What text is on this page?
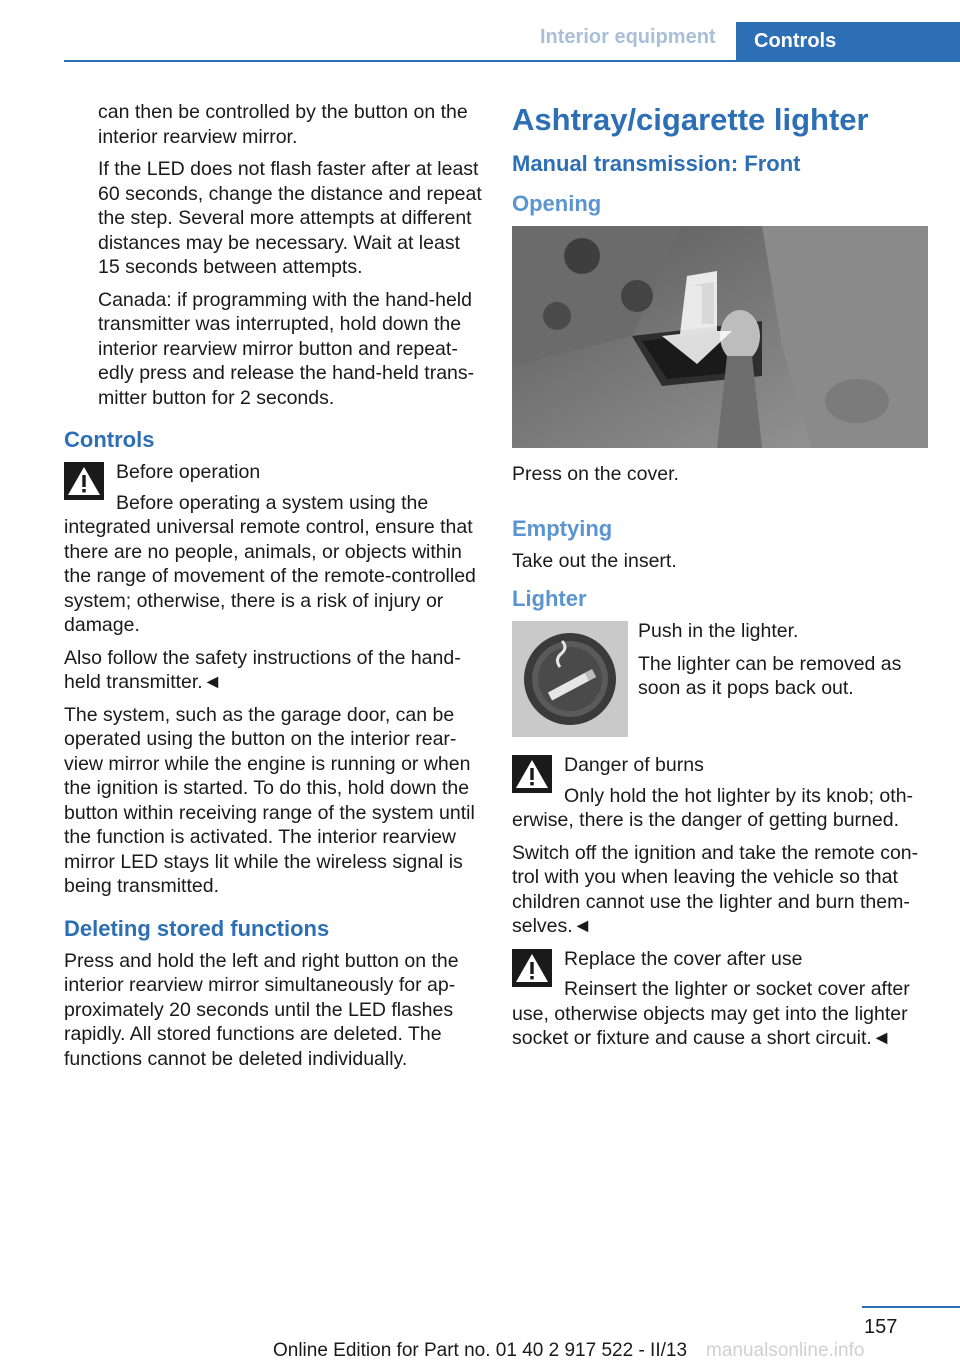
Interior equipment	Controls

can then be controlled by the button on the interior rearview mirror.

If the LED does not flash faster after at least 60 seconds, change the distance and repeat the step. Several more attempts at different distances may be necessary. Wait at least 15 seconds between attempts.

Canada: if programming with the hand-held transmitter was interrupted, hold down the interior rearview mirror button and repeat-edly press and release the hand-held trans-mitter button for 2 seconds.

Controls

Before operation

Before operating a system using the integrated universal remote control, ensure that there are no people, animals, or objects within the range of movement of the remote-controlled system; otherwise, there is a risk of injury or damage.

Also follow the safety instructions of the hand-held transmitter.◄

The system, such as the garage door, can be operated using the button on the interior rear-view mirror while the engine is running or when the ignition is started. To do this, hold down the button within receiving range of the system until the function is activated. The interior rearview mirror LED stays lit while the wireless signal is being transmitted.

Deleting stored functions

Press and hold the left and right button on the interior rearview mirror simultaneously for ap-proximately 20 seconds until the LED flashes rapidly. All stored functions are deleted. The functions cannot be deleted individually.

Ashtray/cigarette lighter
Manual transmission: Front
Opening

Press on the cover.

Emptying

Take out the insert.

Lighter

Push in the lighter.

The lighter can be removed as soon as it pops back out.

Danger of burns

Only hold the hot lighter by its knob; oth-erwise, there is the danger of getting burned.

Switch off the ignition and take the remote con-trol with you when leaving the vehicle so that children cannot use the lighter and burn them-selves.◄

Replace the cover after use

Reinsert the lighter or socket cover after use, otherwise objects may get into the lighter socket or fixture and cause a short circuit.◄

157
Online Edition for Part no. 01 40 2 917 522 - II/13 manualsonline.info
